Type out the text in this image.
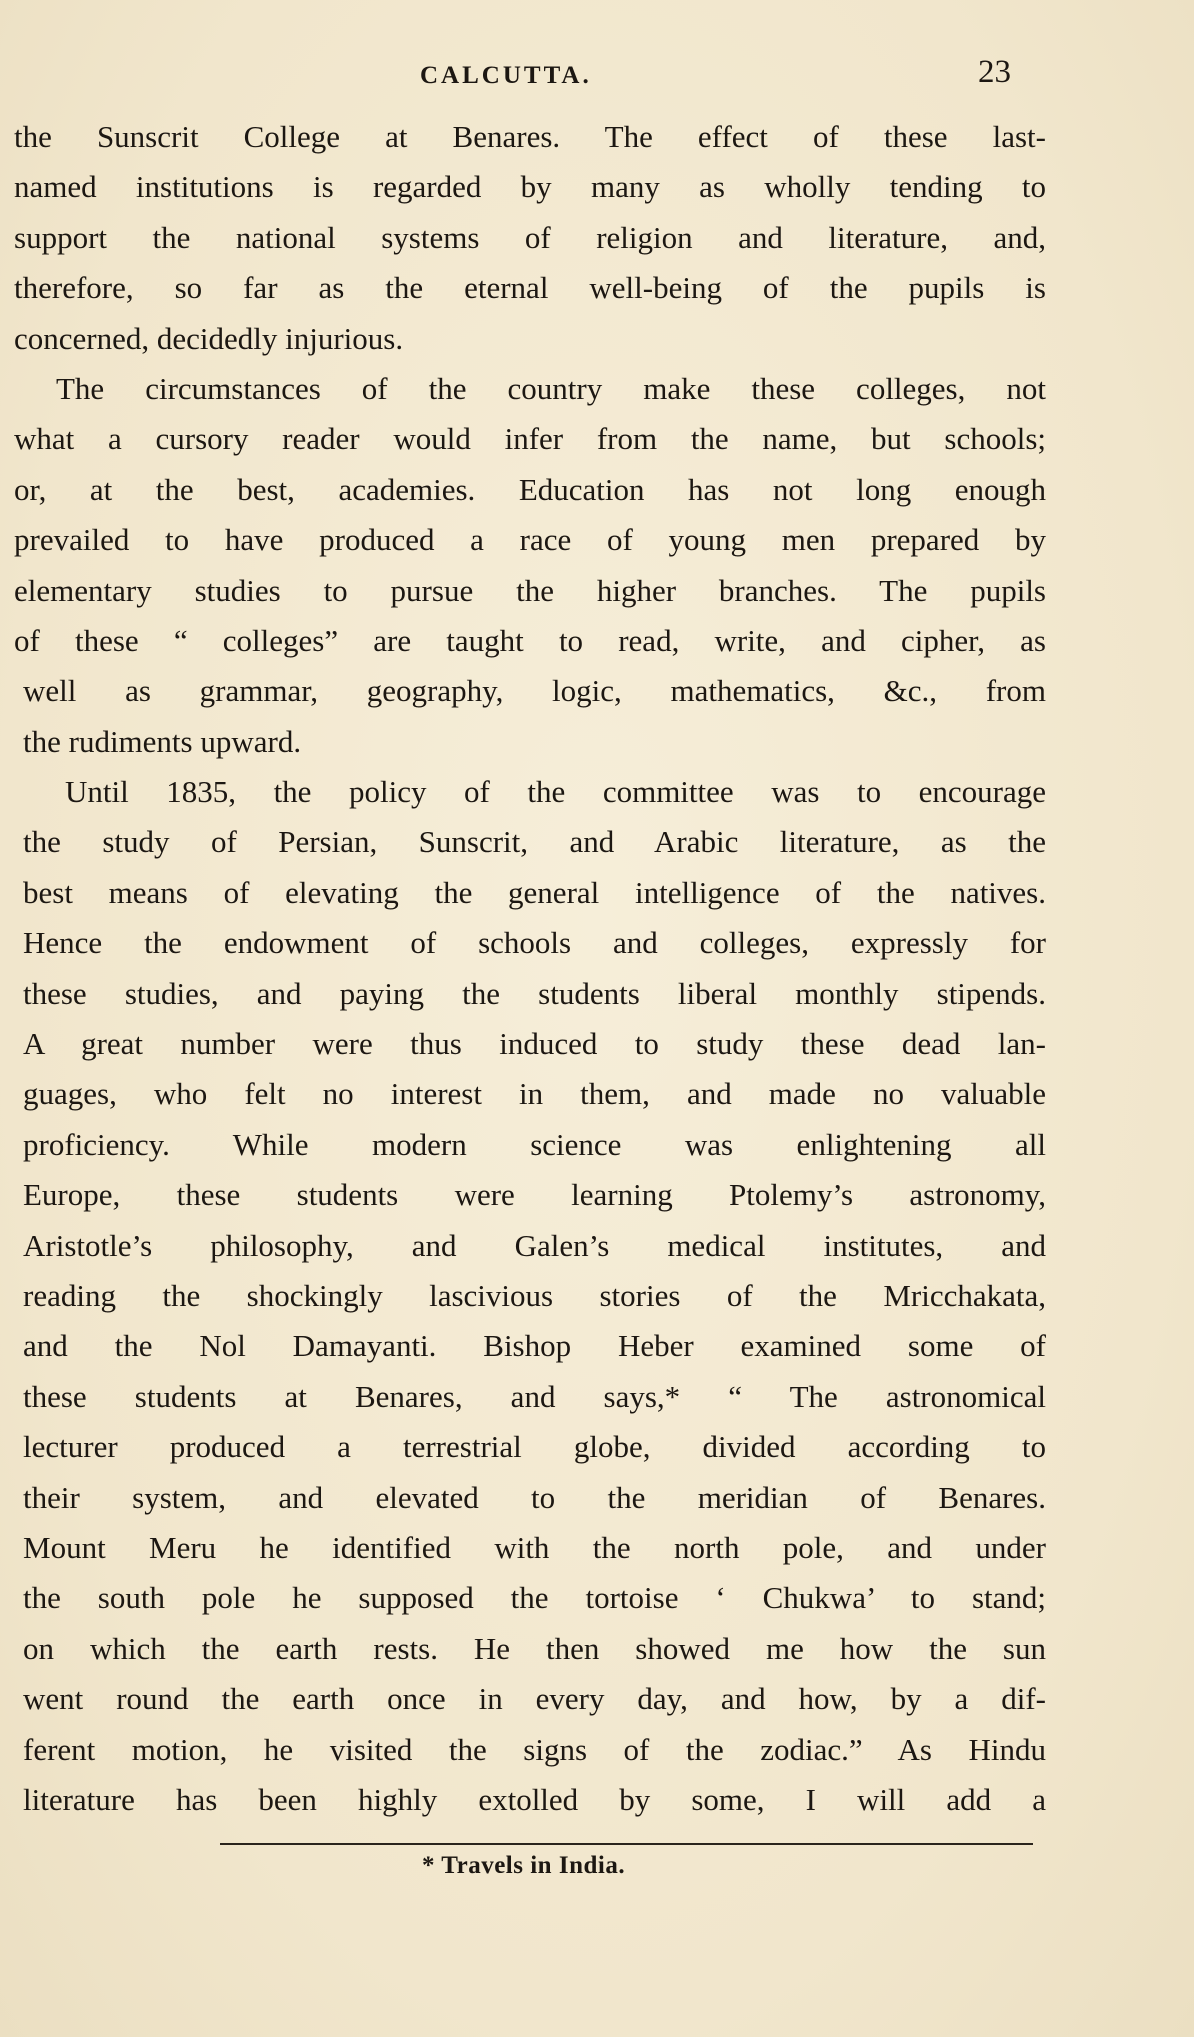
CALCUTTA.	23
the Sunscrit College at Benares. The effect of these last-
named institutions is regarded by many as wholly tending to
support the national systems of religion and literature, and,
therefore, so far as the eternal well-being of the pupils is
concerned, decidedly injurious.
The circumstances of the country make these colleges, not
what a cursory reader would infer from the name, but schools;
or, at the best, academies. Education has not long enough
prevailed to have produced a race of young men prepared by
elementary studies to pursue the higher branches. The pupils
of these “ colleges” are taught to read, write, and cipher, as
well as grammar, geography, logic, mathematics, &c., from
the rudiments upward.
Until 1835, the policy of the committee was to encourage
the study of Persian, Sunscrit, and Arabic literature, as the
best means of elevating the general intelligence of the natives.
Hence the endowment of schools and colleges, expressly for
these studies, and paying the students liberal monthly stipends.
A great number were thus induced to study these dead lan-
guages, who felt no interest in them, and made no valuable
proficiency. While modern science was enlightening all
Europe, these students were learning Ptolemy’s astronomy,
Aristotle’s philosophy, and Galen’s medical institutes, and
reading the shockingly lascivious stories of the Mricchakata,
and the Nol Damayanti. Bishop Heber examined some of
these students at Benares, and says,* “ The astronomical
lecturer produced a terrestrial globe, divided according to
their system, and elevated to the meridian of Benares.
Mount Meru he identified with the north pole, and under
the south pole he supposed the tortoise ‘ Chukwa’ to stand;
on which the earth rests. He then showed me how the sun
went round the earth once in every day, and how, by a dif-
ferent motion, he visited the signs of the zodiac.” As Hindu
literature has been highly extolled by some, I will add a
* Travels in India.
